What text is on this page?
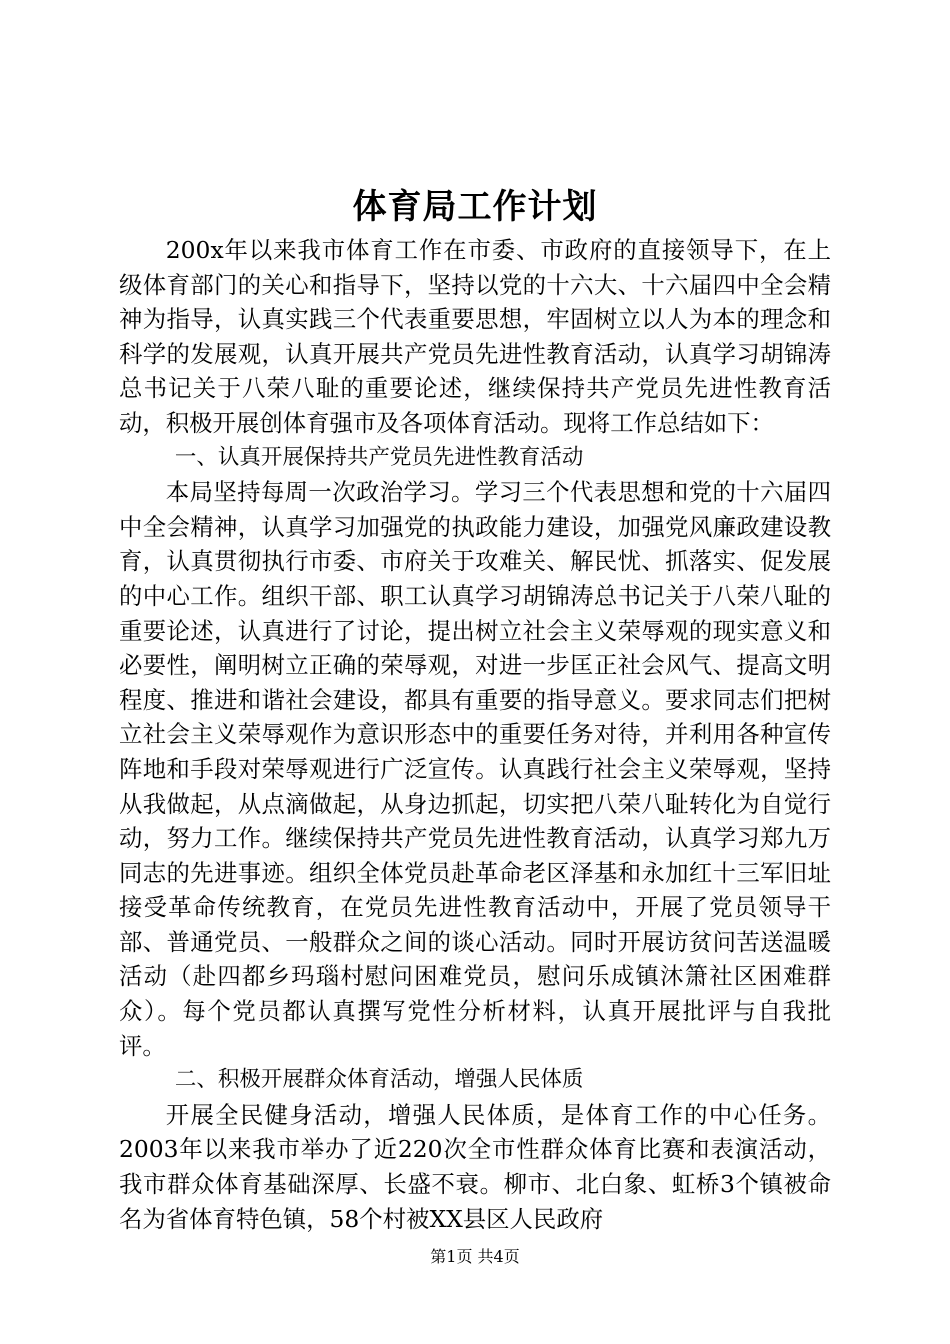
体育局工作计划

200x年以来我市体育工作在市委、市政府的直接领导下，在上级体育部门的关心和指导下，坚持以党的十六大、十六届四中全会精神为指导，认真实践三个代表重要思想，牢固树立以人为本的理念和科学的发展观，认真开展共产党员先进性教育活动，认真学习胡锦涛总书记关于八荣八耻的重要论述，继续保持共产党员先进性教育活动，积极开展创体育强市及各项体育活动。现将工作总结如下：

一、认真开展保持共产党员先进性教育活动

本局坚持每周一次政治学习。学习三个代表思想和党的十六届四中全会精神，认真学习加强党的执政能力建设，加强党风廉政建设教育，认真贯彻执行市委、市府关于攻难关、解民忧、抓落实、促发展的中心工作。组织干部、职工认真学习胡锦涛总书记关于八荣八耻的重要论述，认真进行了讨论，提出树立社会主义荣辱观的现实意义和必要性，阐明树立正确的荣辱观，对进一步匡正社会风气、提高文明程度、推进和谐社会建设，都具有重要的指导意义。要求同志们把树立社会主义荣辱观作为意识形态中的重要任务对待，并利用各种宣传阵地和手段对荣辱观进行广泛宣传。认真践行社会主义荣辱观，坚持从我做起，从点滴做起，从身边抓起，切实把八荣八耻转化为自觉行动，努力工作。继续保持共产党员先进性教育活动，认真学习郑九万同志的先进事迹。组织全体党员赴革命老区泽基和永加红十三军旧址接受革命传统教育，在党员先进性教育活动中，开展了党员领导干部、普通党员、一般群众之间的谈心活动。同时开展访贫问苦送温暖活动（赴四都乡玛瑙村慰问困难党员，慰问乐成镇沐箫社区困难群众）。每个党员都认真撰写党性分析材料，认真开展批评与自我批评。

二、积极开展群众体育活动，增强人民体质

开展全民健身活动，增强人民体质，是体育工作的中心任务。2003年以来我市举办了近220次全市性群众体育比赛和表演活动，我市群众体育基础深厚、长盛不衰。柳市、北白象、虹桥3个镇被命名为省体育特色镇，58个村被XX县区人民政府

第1页 共4页
